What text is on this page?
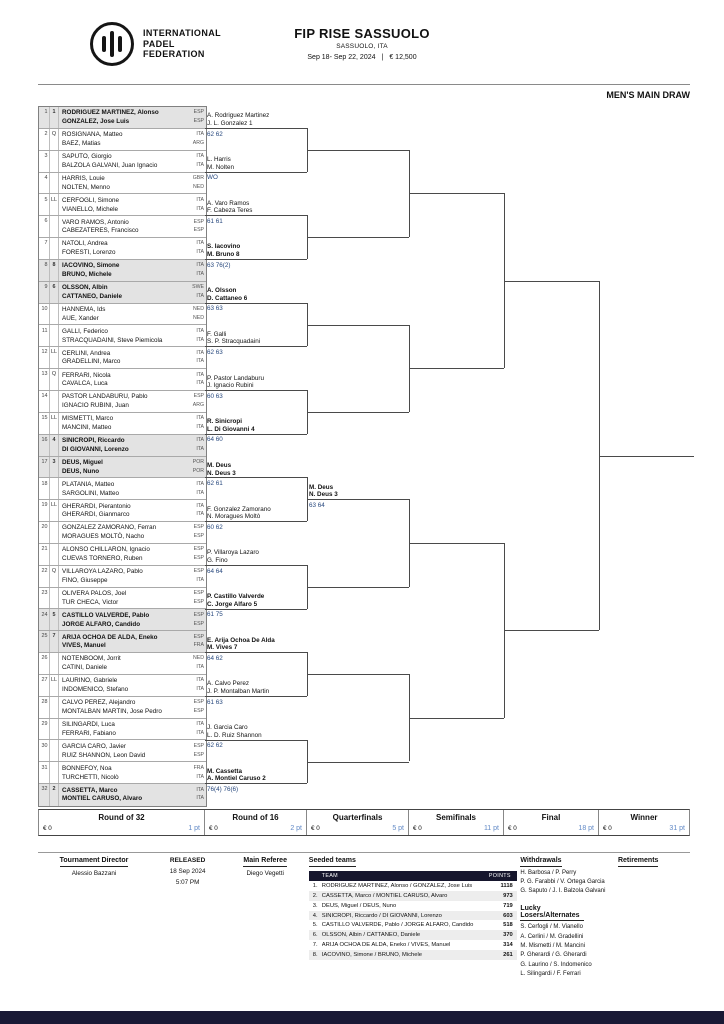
INTERNATIONAL
PADEL
FEDERATION
FIP RISE SASSUOLO
SASSUOLO, ITA
Sep 18- Sep 22, 2024 | € 12,500
MEN'S MAIN DRAW
1 1	RODRIGUEZ MARTINEZ, Alonso	ESP
GONZALEZ, Jose Luis	ESP
2 Q ROSIGNANA, Matteo	ITA
BAEZ, Matias	ARG
3	SAPUTO, Giorgio	ITA
BALZOLA GALVANI, Juan Ignacio	ITA
4	HARRIS, Louie	GBR
NOLTEN, Menno	NED
5 LL CERFOGLI, Simone	ITA
VIANELLO, Michele	ITA
6	VARO RAMOS, Antonio	ESP
CABEZATERES, Francisco	ESP
7	NATOLI, Andrea	ITA
FORESTI, Lorenzo	ITA
8 8	IACOVINO, Simone	ITA
BRUNO, Michele	ITA
9 6	OLSSON, Albin	SWE
CATTANEO, Daniele	ITA
10	HANNEMA, Ids	NED
AUE, Xander	NED
11	GALLI, Federico	ITA
STRACQUADAINI, Steve Piemicola	ITA
12 LL CERLINI, Andrea	ITA
GRADELLINI, Marco	ITA
13 Q FERRARI, Nicola	ITA
CAVALCA, Luca	ITA
14	PASTOR LANDABURU, Pablo	ESP
IGNACIO RUBINI, Juan	ARG
15 LL MISMETTI, Marco	ITA
MANCINI, Matteo	ITA
16 4	SINICROPI, Riccardo	ITA
DI GIOVANNI, Lorenzo	ITA
17 3	DEUS, Miguel	POR
DEUS, Nuno	POR
18	PLATANIA, Matteo	ITA
SARGOLINI, Matteo	ITA
19 LL GHERARDI, Pierantonio	ITA
GHERARDI, Gianmarco	ITA
20	GONZALEZ ZAMORANO, Ferran	ESP
MORAGUES MOLTÒ, Nacho	ESP
21	ALONSO CHILLARON, Ignacio	ESP
CUEVAS TORNERO, Ruben	ESP
22 Q VILLAROYA LAZARO, Pablo	ESP
FINO, Giuseppe	ITA
23	OLIVERA PALOS, Joel	ESP
TUR CHECA, Victor	ESP
24 5	CASTILLO VALVERDE, Pablo	ESP
JORGE ALFARO, Candido	ESP
25 7	ARIJA OCHOA DE ALDA, Eneko	ESP
VIVES, Manuel	FRA
26	NOTENBOOM, Jorrit	NED
CATINI, Daniele	ITA
27 LL LAURINO, Gabriele	ITA
INDOMENICO, Stefano	ITA
28	CALVO PEREZ, Alejandro	ESP
MONTALBAN MARTIN, Jose Pedro	ESP
29	SILINGARDI, Luca	ITA
FERRARI, Fabiano	ITA
30	GARCIA CARO, Javier	ESP
RUIZ SHANNON, Leon David	ESP
31	BONNEFOY, Noa	FRA
TURCHETTI, Nicolò	ITA
32 2	CASSETTA, Marco	ITA
MONTIEL CARUSO, Alvaro	ITA
A. Rodriguez Martinez
J. L. Gonzalez 1
62 62
L. Harris
M. Nolten
WO
A. Varo Ramos
F. Cabeza Teres
61 61
S. Iacovino
M. Bruno 8
63 76(2)
A. Olsson
D. Cattaneo 6
63 63
F. Galli
S. P. Stracquadaini
62 63
P. Pastor Landaburu
J. Ignacio Rubini
60 63
R. Sinicropi
L. Di Giovanni 4
64 60
M. Deus
N. Deus 3
62 61
F. Gonzalez Zamorano
N. Moragues Moltò
60 62
P. Villaroya Lazaro
G. Fino
64 64
P. Castillo Valverde
C. Jorge Alfaro 5
61 75
E. Arija Ochoa De Alda
M. Vives 7
64 62
A. Calvo Perez
J. P. Montalban Martin
61 63
J. Garcia Caro
L. D. Ruiz Shannon
62 62
M. Cassetta
A. Montiel Caruso 2
76(4) 76(6)
M. Deus
N. Deus 3
63 64
Round of 32
€ 0	1 pt
Round of 16
€ 0	2 pt
Quarterfinals
€ 0	5 pt
Semifinals
€ 0	11 pt
Final
€ 0	18 pt
Winner
€ 0	31 pt
Tournament Director
Alessio Bazzani
RELEASED
18 Sep 2024
5:07 PM
Main Referee
Diego Vegetti
Seeded teams
TEAM	POINTS
1. RODRIGUEZ MARTINEZ, Alonso / GONZALEZ, Jose Luis	1118
2. CASSETTA, Marco / MONTIEL CARUSO, Alvaro	973
3. DEUS, Miguel / DEUS, Nuno	719
4. SINICROPI, Riccardo / DI GIOVANNI, Lorenzo	603
5. CASTILLO VALVERDE, Pablo / JORGE ALFARO, Candido	518
6. OLSSON, Albin / CATTANEO, Daniele	370
7. ARIJA OCHOA DE ALDA, Eneko / VIVES, Manuel	314
8. IACOVINO, Simone / BRUNO, Michele	261
Withdrawals
H. Barbosa / P. Perry
P. G. Farabbi / V. Ortega Garcia
G. Saputo / J. I. Balzola Galvani
Lucky Losers/Alternates
S. Cerfogli / M. Vianello
A. Cerlini / M. Gradellini
M. Mismetti / M. Mancini
P. Gherardi / G. Gherardi
G. Laurino / S. Indomenico
L. Silingardi / F. Ferrari
Retirements
